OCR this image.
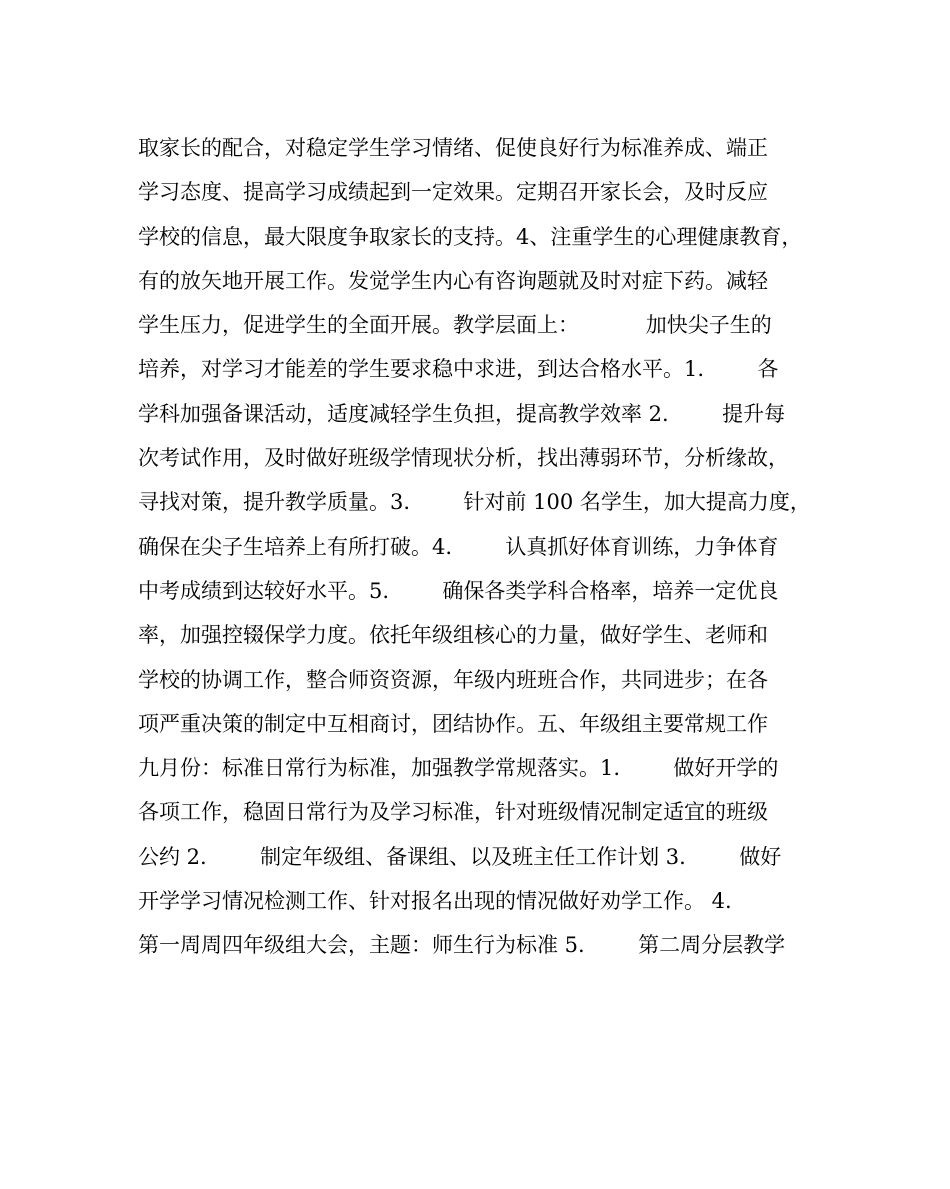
取家长的配合，对稳定学生学习情绪、促使良好行为标准养成、端正
学习态度、提高学习成绩起到一定效果。定期召开家长会，及时反应
学校的信息，最大限度争取家长的支持。4、注重学生的心理健康教育，
有的放矢地开展工作。发觉学生内心有咨询题就及时对症下药。减轻
学生压力，促进学生的全面开展。教学层面上：          加快尖子生的
培养，对学习才能差的学生要求稳中求进，到达合格水平。1.        各
学科加强备课活动，适度减轻学生负担，提高教学效率 2.        提升每
次考试作用，及时做好班级学情现状分析，找出薄弱环节，分析缘故，
寻找对策，提升教学质量。3.        针对前 100 名学生，加大提高力度，
确保在尖子生培养上有所打破。4.        认真抓好体育训练，力争体育
中考成绩到达较好水平。5.        确保各类学科合格率，培养一定优良
率，加强控辍保学力度。依托年级组核心的力量，做好学生、老师和
学校的协调工作，整合师资资源，年级内班班合作，共同进步；在各
项严重决策的制定中互相商讨，团结协作。五、年级组主要常规工作
九月份：标准日常行为标准，加强教学常规落实。1.        做好开学的
各项工作，稳固日常行为及学习标准，针对班级情况制定适宜的班级
公约 2.        制定年级组、备课组、以及班主任工作计划 3.        做好
开学学习情况检测工作、针对报名出现的情况做好劝学工作。 4.
第一周周四年级组大会，主题：师生行为标准 5.        第二周分层教学
